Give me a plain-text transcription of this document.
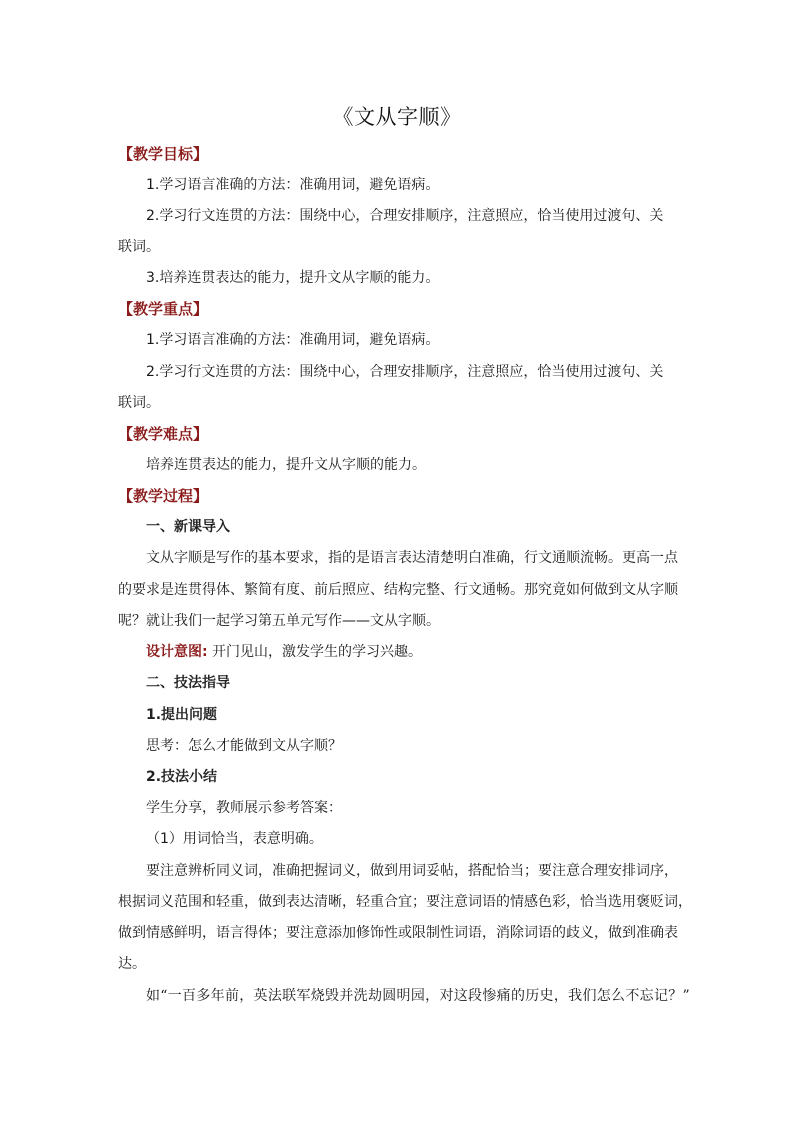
《文从字顺》
【教学目标】
1.学习语言准确的方法：准确用词，避免语病。
2.学习行文连贯的方法：围绕中心，合理安排顺序，注意照应，恰当使用过渡句、关
联词。
3.培养连贯表达的能力，提升文从字顺的能力。
【教学重点】
1.学习语言准确的方法：准确用词，避免语病。
2.学习行文连贯的方法：围绕中心，合理安排顺序，注意照应，恰当使用过渡句、关
联词。
【教学难点】
培养连贯表达的能力，提升文从字顺的能力。
【教学过程】
一、新课导入
文从字顺是写作的基本要求，指的是语言表达清楚明白准确，行文通顺流畅。更高一点
的要求是连贯得体、繁简有度、前后照应、结构完整、行文通畅。那究竟如何做到文从字顺
呢？就让我们一起学习第五单元写作——文从字顺。
设计意图: 开门见山，激发学生的学习兴趣。
二、技法指导
1.提出问题
思考：怎么才能做到文从字顺？
2.技法小结
学生分享，教师展示参考答案：
（1）用词恰当，表意明确。
要注意辨析同义词，准确把握词义，做到用词妥帖，搭配恰当；要注意合理安排词序，
根据词义范围和轻重，做到表达清晰，轻重合宜；要注意词语的情感色彩，恰当选用褒贬词，
做到情感鲜明，语言得体；要注意添加修饰性或限制性词语，消除词语的歧义，做到准确表
达。
如“一百多年前，英法联军烧毁并洗劫圆明园，对这段惨痛的历史，我们怎么不忘记？”
